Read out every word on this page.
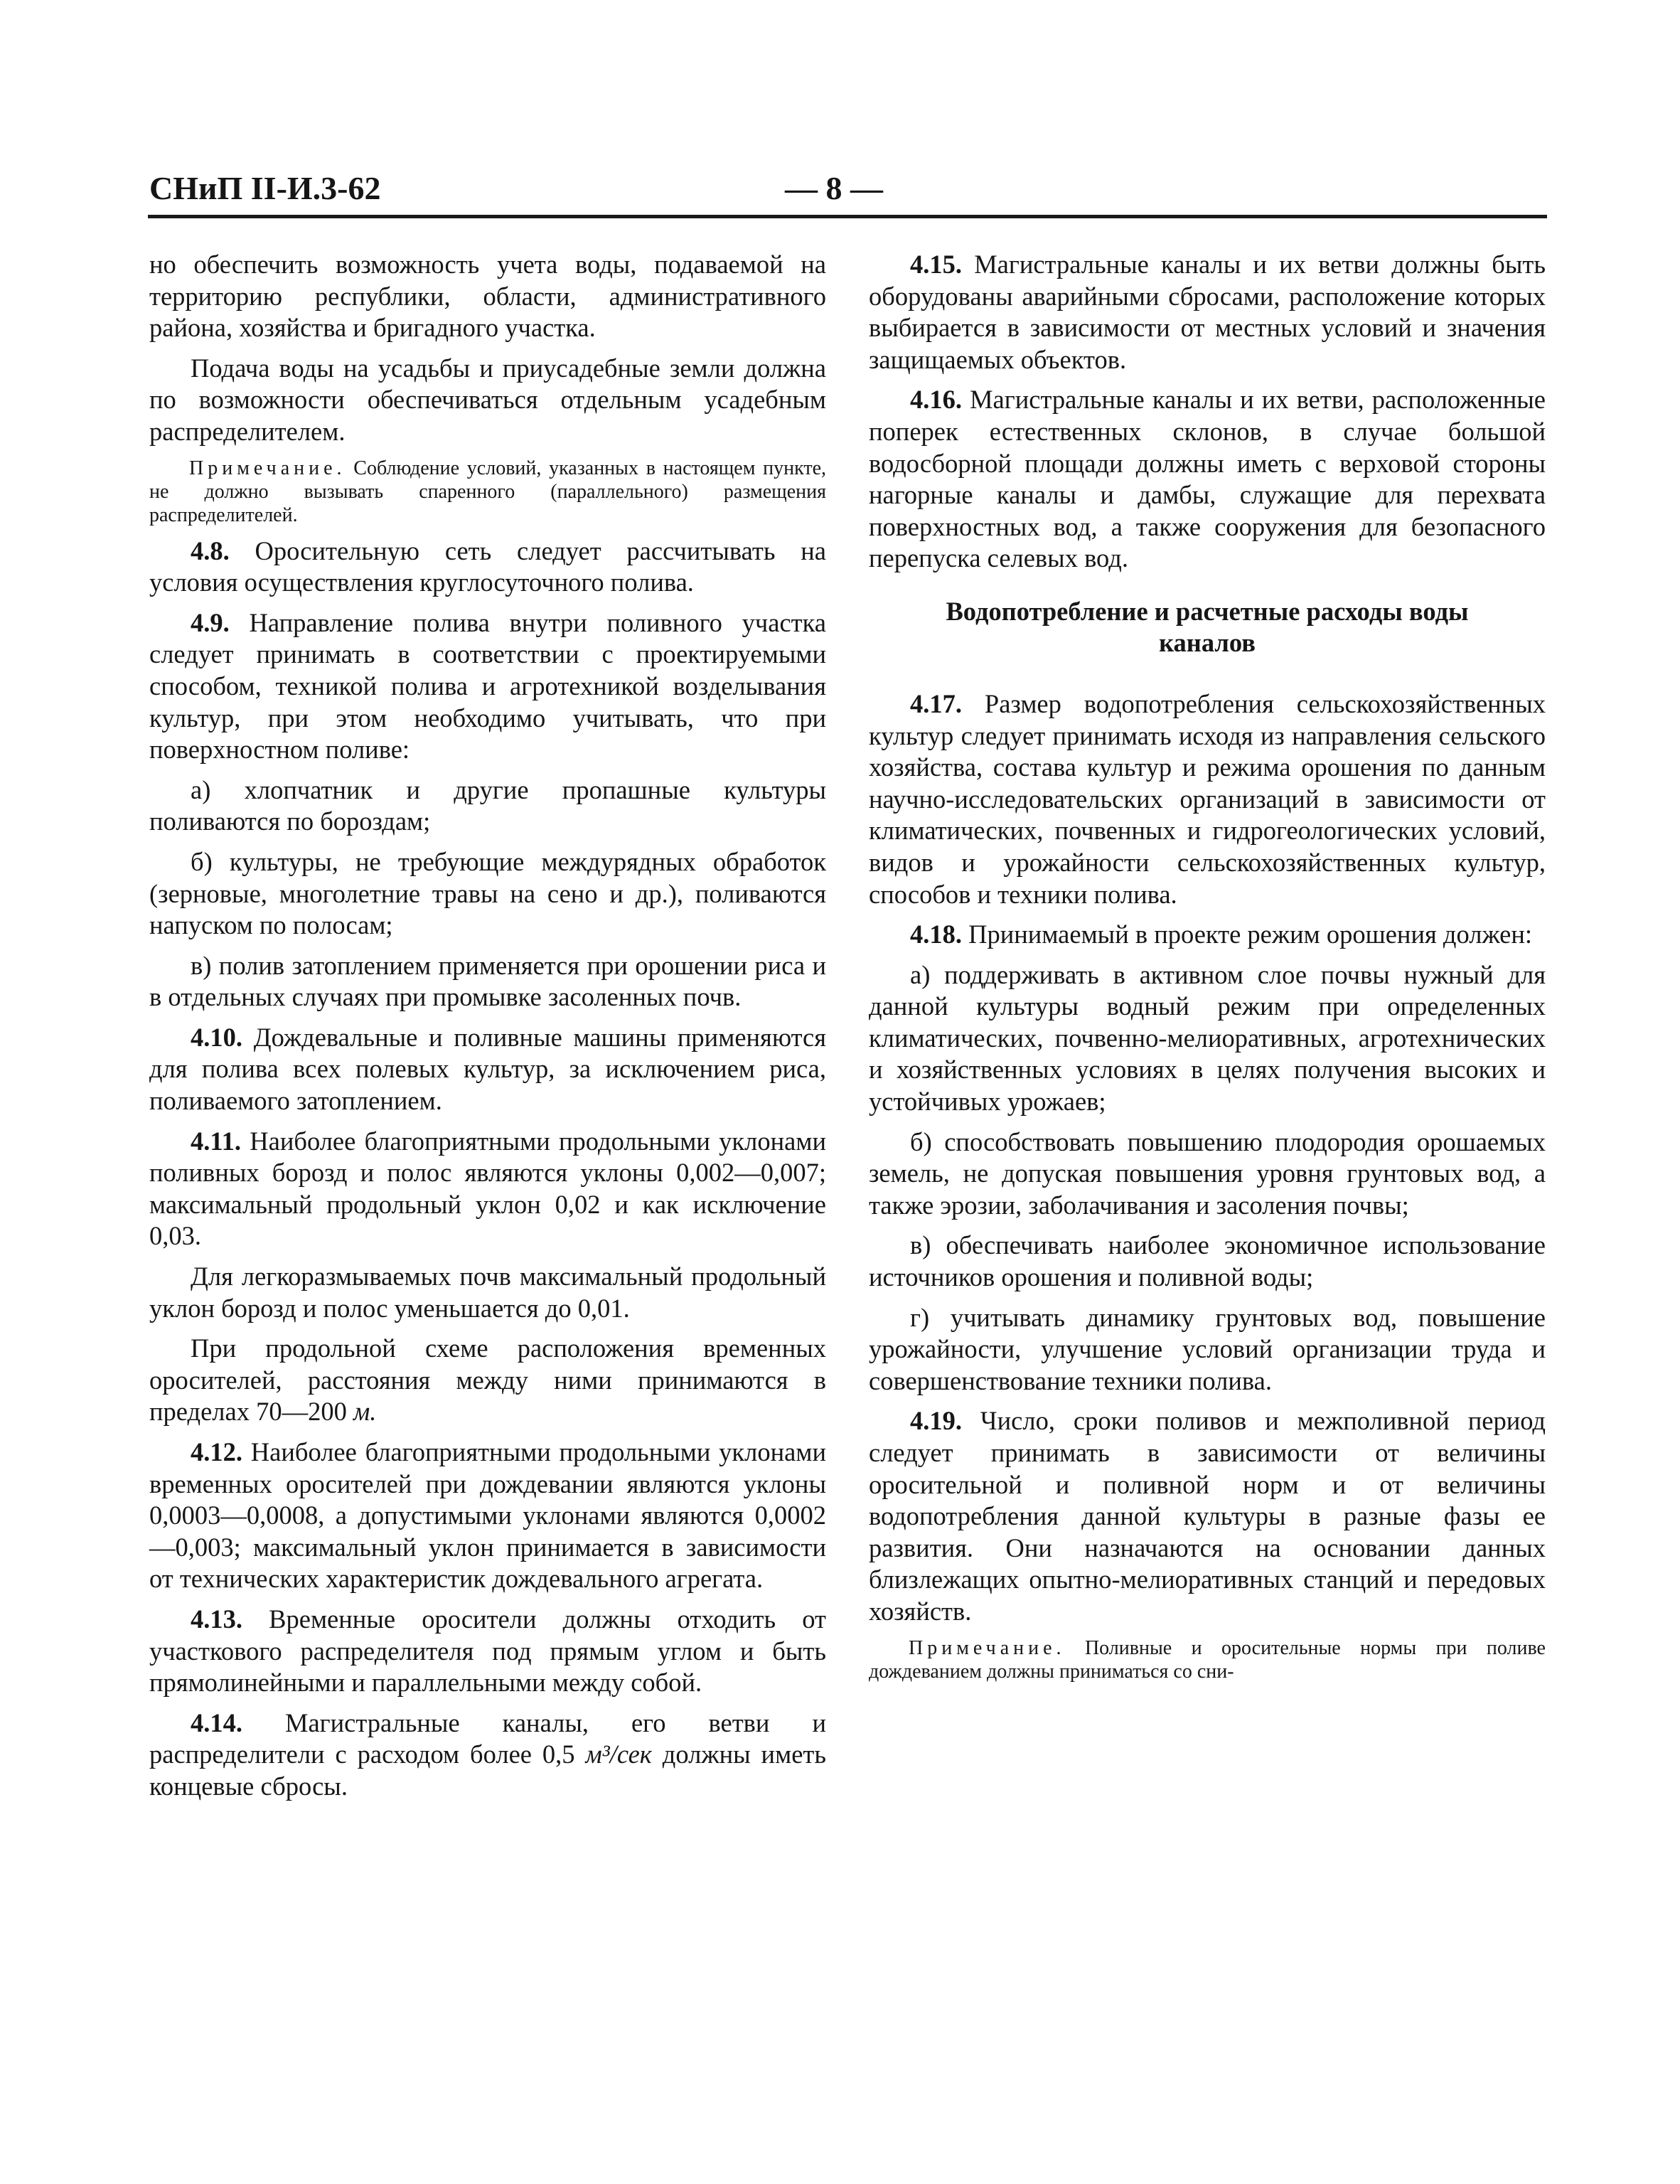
СНиП II-И.3-62	— 8 —

но обеспечить возможность учета воды, подаваемой на территорию республики, области, административного района, хозяйства и бригадного участка.

Подача воды на усадьбы и приусадебные земли должна по возможности обеспечиваться отдельным усадебным распределителем.

Примечание. Соблюдение условий, указанных в настоящем пункте, не должно вызывать спаренного (параллельного) размещения распределителей.

4.8. Оросительную сеть следует рассчитывать на условия осуществления круглосуточного полива.

4.9. Направление полива внутри поливного участка следует принимать в соответствии с проектируемыми способом, техникой полива и агротехникой возделывания культур, при этом необходимо учитывать, что при поверхностном поливе:

а) хлопчатник и другие пропашные культуры поливаются по бороздам;

б) культуры, не требующие междурядных обработок (зерновые, многолетние травы на сено и др.), поливаются напуском по полосам;

в) полив затоплением применяется при орошении риса и в отдельных случаях при промывке засоленных почв.

4.10. Дождевальные и поливные машины применяются для полива всех полевых культур, за исключением риса, поливаемого затоплением.

4.11. Наиболее благоприятными продольными уклонами поливных борозд и полос являются уклоны 0,002—0,007; максимальный продольный уклон 0,02 и как исключение 0,03.

Для легкоразмываемых почв максимальный продольный уклон борозд и полос уменьшается до 0,01.

При продольной схеме расположения временных оросителей, расстояния между ними принимаются в пределах 70—200 м.

4.12. Наиболее благоприятными продольными уклонами временных оросителей при дождевании являются уклоны 0,0003—0,0008, а допустимыми уклонами являются 0,0002—0,003; максимальный уклон принимается в зависимости от технических характеристик дождевального агрегата.

4.13. Временные оросители должны отходить от участкового распределителя под прямым углом и быть прямолинейными и параллельными между собой.

4.14. Магистральные каналы, его ветви и распределители с расходом более 0,5 м³/сек должны иметь концевые сбросы.

4.15. Магистральные каналы и их ветви должны быть оборудованы аварийными сбросами, расположение которых выбирается в зависимости от местных условий и значения защищаемых объектов.

4.16. Магистральные каналы и их ветви, расположенные поперек естественных склонов, в случае большой водосборной площади должны иметь с верховой стороны нагорные каналы и дамбы, служащие для перехвата поверхностных вод, а также сооружения для безопасного перепуска селевых вод.

Водопотребление и расчетные расходы воды
каналов

4.17. Размер водопотребления сельскохозяйственных культур следует принимать исходя из направления сельского хозяйства, состава культур и режима орошения по данным научно-исследовательских организаций в зависимости от климатических, почвенных и гидрогеологических условий, видов и урожайности сельскохозяйственных культур, способов и техники полива.

4.18. Принимаемый в проекте режим орошения должен:

а) поддерживать в активном слое почвы нужный для данной культуры водный режим при определенных климатических, почвенно-мелиоративных, агротехнических и хозяйственных условиях в целях получения высоких и устойчивых урожаев;

б) способствовать повышению плодородия орошаемых земель, не допуская повышения уровня грунтовых вод, а также эрозии, заболачивания и засоления почвы;

в) обеспечивать наиболее экономичное использование источников орошения и поливной воды;

г) учитывать динамику грунтовых вод, повышение урожайности, улучшение условий организации труда и совершенствование техники полива.

4.19. Число, сроки поливов и межполивной период следует принимать в зависимости от величины оросительной и поливной норм и от величины водопотребления данной культуры в разные фазы ее развития. Они назначаются на основании данных близлежащих опытно-мелиоративных станций и передовых хозяйств.

Примечание. Поливные и оросительные нормы при поливе дождеванием должны приниматься со сни-
